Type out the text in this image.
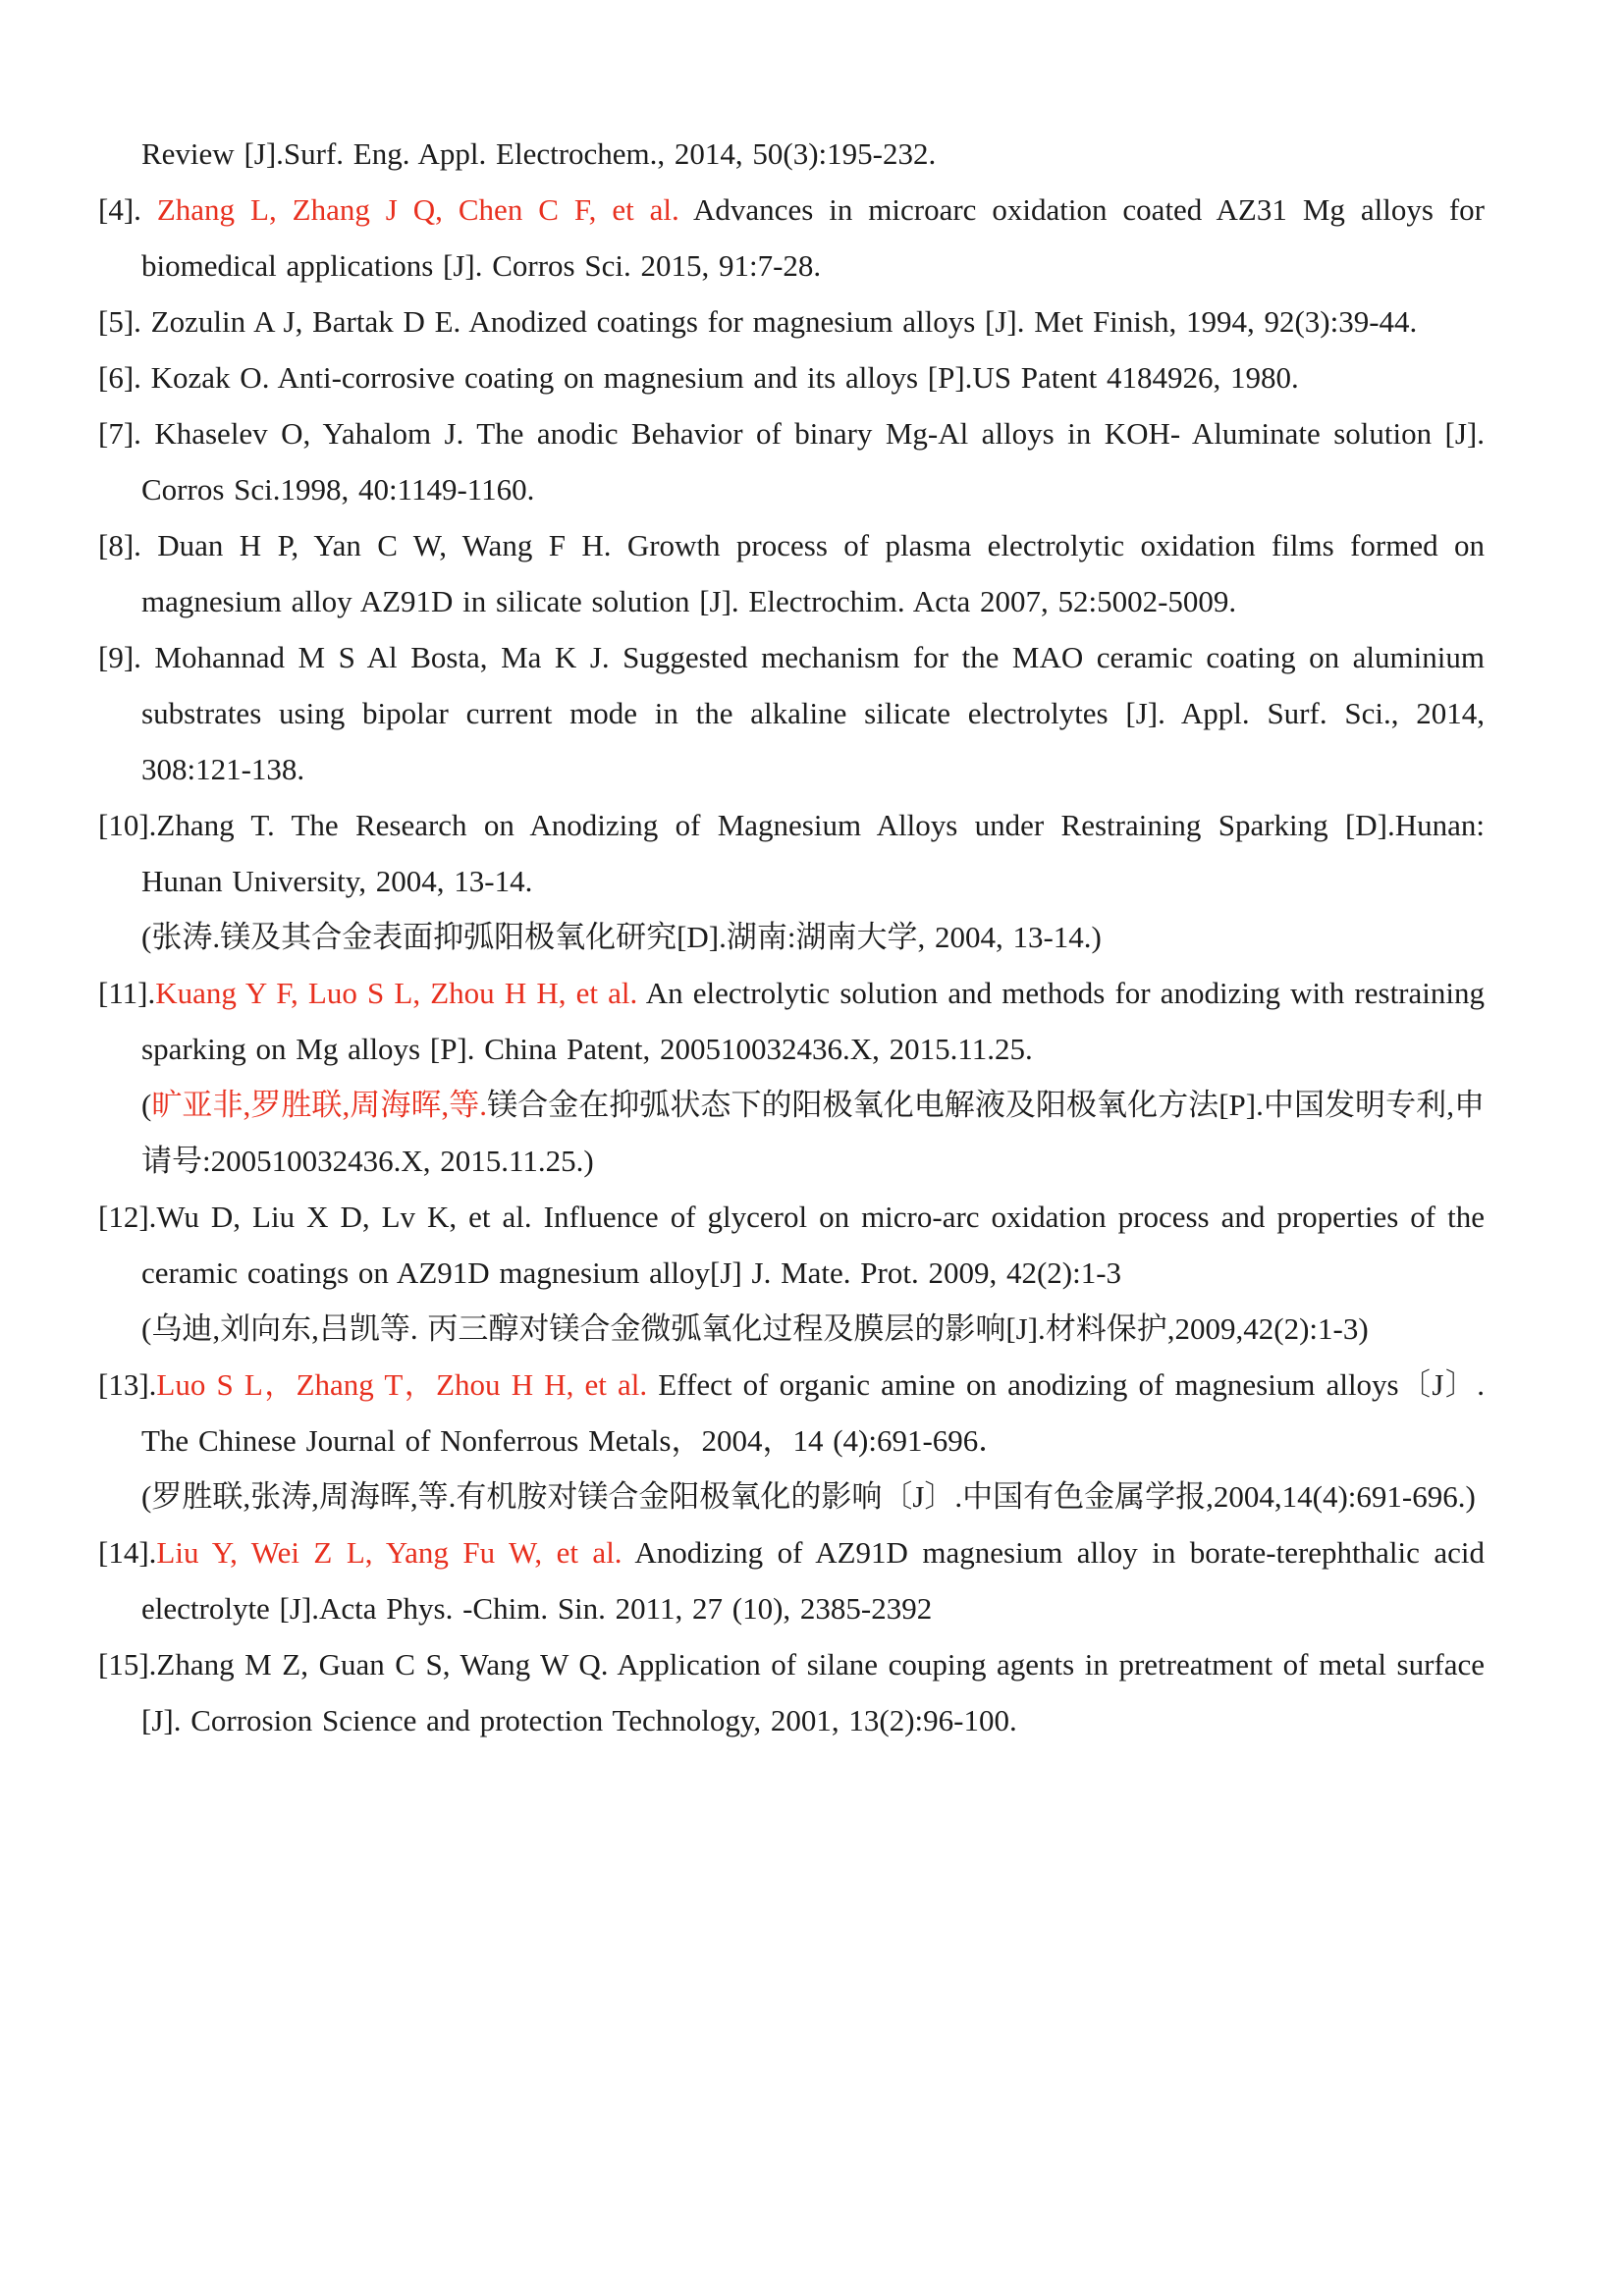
Review [J].Surf. Eng. Appl. Electrochem., 2014, 50(3):195-232.

[4]. Zhang L, Zhang J Q, Chen C F, et al. Advances in microarc oxidation coated AZ31 Mg alloys for biomedical applications [J]. Corros Sci. 2015, 91:7-28.

[5]. Zozulin A J, Bartak D E. Anodized coatings for magnesium alloys [J]. Met Finish, 1994, 92(3):39-44.

[6]. Kozak O. Anti-corrosive coating on magnesium and its alloys [P].US Patent 4184926, 1980.

[7]. Khaselev O, Yahalom J. The anodic Behavior of binary Mg-Al alloys in KOH- Aluminate solution [J]. Corros Sci.1998, 40:1149-1160.

[8]. Duan H P, Yan C W, Wang F H. Growth process of plasma electrolytic oxidation films formed on magnesium alloy AZ91D in silicate solution [J]. Electrochim. Acta 2007, 52:5002-5009.

[9]. Mohannad M S Al Bosta, Ma K J. Suggested mechanism for the MAO ceramic coating on aluminium substrates using bipolar current mode in the alkaline silicate electrolytes [J]. Appl. Surf. Sci., 2014, 308:121-138.

[10].Zhang T. The Research on Anodizing of Magnesium Alloys under Restraining Sparking [D].Hunan: Hunan University, 2004, 13-14.
(张涛.镁及其合金表面抑弧阳极氧化研究[D].湖南:湖南大学, 2004, 13-14.)

[11].Kuang Y F, Luo S L, Zhou H H, et al. An electrolytic solution and methods for anodizing with restraining sparking on Mg alloys [P]. China Patent, 200510032436.X, 2015.11.25.
(旷亚非,罗胜联,周海晖,等.镁合金在抑弧状态下的阳极氧化电解液及阳极氧化方法[P].中国发明专利,申请号:200510032436.X, 2015.11.25.)

[12].Wu D, Liu X D, Lv K, et al. Influence of glycerol on micro-arc oxidation process and properties of the ceramic coatings on AZ91D magnesium alloy[J] J. Mate. Prot. 2009, 42(2):1-3
(乌迪,刘向东,吕凯等. 丙三醇对镁合金微弧氧化过程及膜层的影响[J].材料保护,2009,42(2):1-3)

[13].Luo S L，Zhang T，Zhou H H, et al. Effect of organic amine on anodizing of magnesium alloys〔J〕. The Chinese Journal of Nonferrous Metals，2004，14 (4):691-696．
(罗胜联,张涛,周海晖,等.有机胺对镁合金阳极氧化的影响〔J〕.中国有色金属学报,2004,14(4):691-696.)

[14].Liu Y, Wei Z L, Yang Fu W, et al. Anodizing of AZ91D magnesium alloy in borate-terephthalic acid electrolyte [J].Acta Phys. -Chim. Sin. 2011, 27 (10), 2385-2392

[15].Zhang M Z, Guan C S, Wang W Q. Application of silane couping agents in pretreatment of metal surface [J]. Corrosion Science and protection Technology, 2001, 13(2):96-100.
